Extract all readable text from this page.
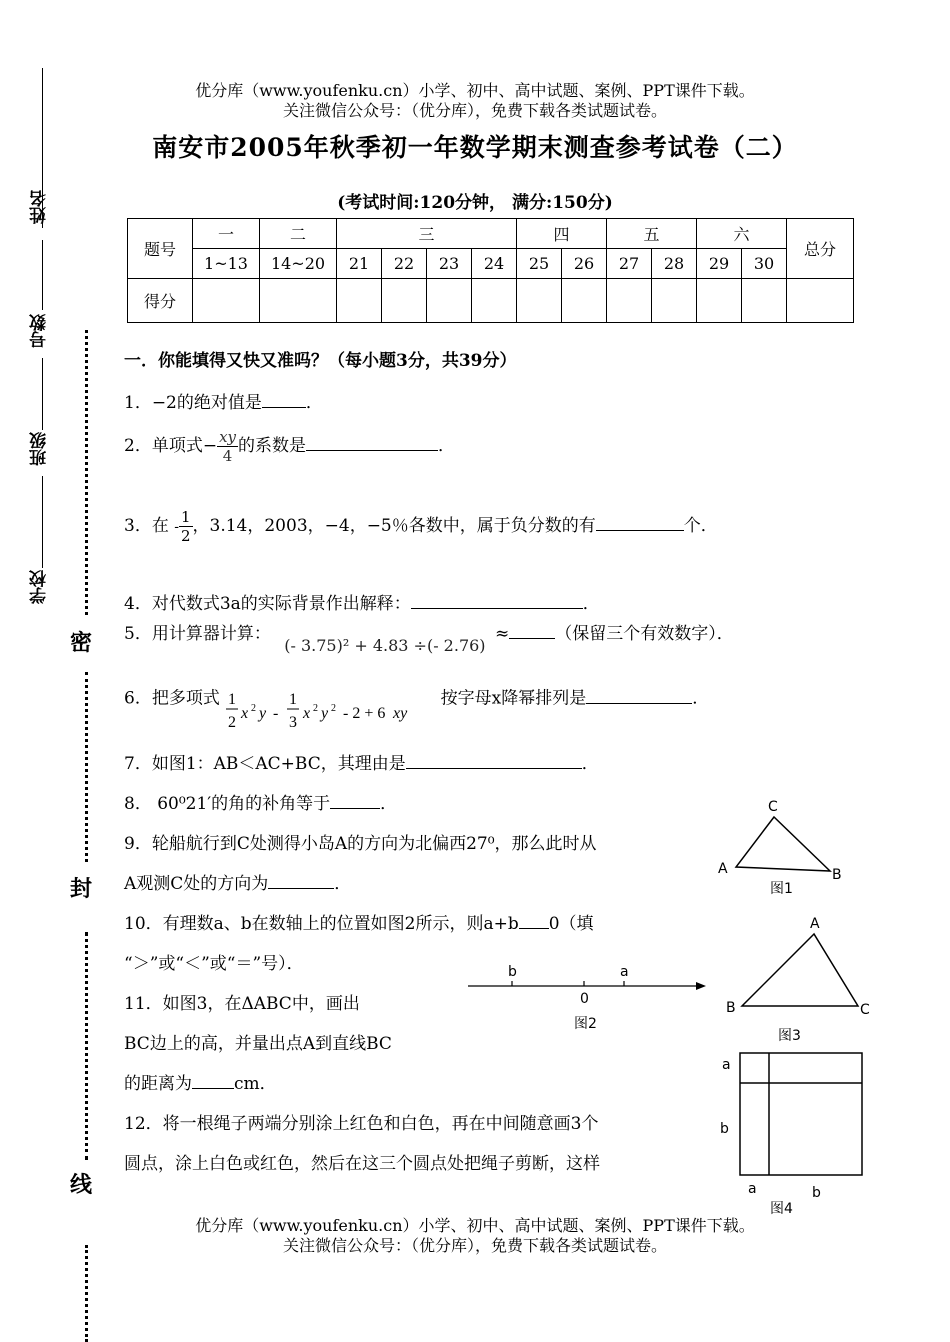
姓名
号数
班级
学校
密
封
线
优分库（www.youfenku.cn）小学、初中、高中试题、案例、PPT课件下载。
关注微信公众号：（优分库），免费下载各类试题试卷。
南安市2005年秋季初一年数学期末测查参考试卷（二）
(考试时间:120分钟， 满分:150分)
题号	一	二	三				四		五		六		总分
	1~13	14~20	21	22	23	24	25	26	27	28	29	30	
得分													
一．你能填得又快又准吗？（每小题3分，共39分）
1．−2的绝对值是	．
2．单项式− $\frac{xy}{4}$ 的系数是	．
3．在 - $\frac{1}{2}$ ，3.14，2003，−4，−5％各数中，属于负分数的有	个．
4．对代数式3a的实际背景作出解释：	．
5．用计算器计算： (- 3.75)² + 4.83 ÷(- 2.76) ≈	（保留三个有效数字）．
6．把多项式 1
2
x 2 y -
1
3
x 2 y 2 - 2 + 6 xy
按字母x降幂排列是	．
7．如图1：AB＜AC+BC，其理由是	．
8． 60⁰21′的角的补角等于	．
9．轮船航行到C处测得小岛A的方向为北偏西27⁰，那么此时从
A观测C处的方向为	．
10．有理数a、b在数轴上的位置如图2所示，则a+b 0（填
“＞”或“＜”或“＝”号）．
11．如图3，在ΔABC中，画出
BC边上的高，并量出点A到直线BC
的距离为 cm．
12．将一根绳子两端分别涂上红色和白色，再在中间随意画3个
圆点，涂上白色或红色，然后在这三个圆点处把绳子剪断，这样
C
A	B
图1
b	a
0
图2
A
B	C
图3
a
b
a	b
图4
优分库（www.youfenku.cn）小学、初中、高中试题、案例、PPT课件下载。
关注微信公众号：（优分库），免费下载各类试题试卷。
